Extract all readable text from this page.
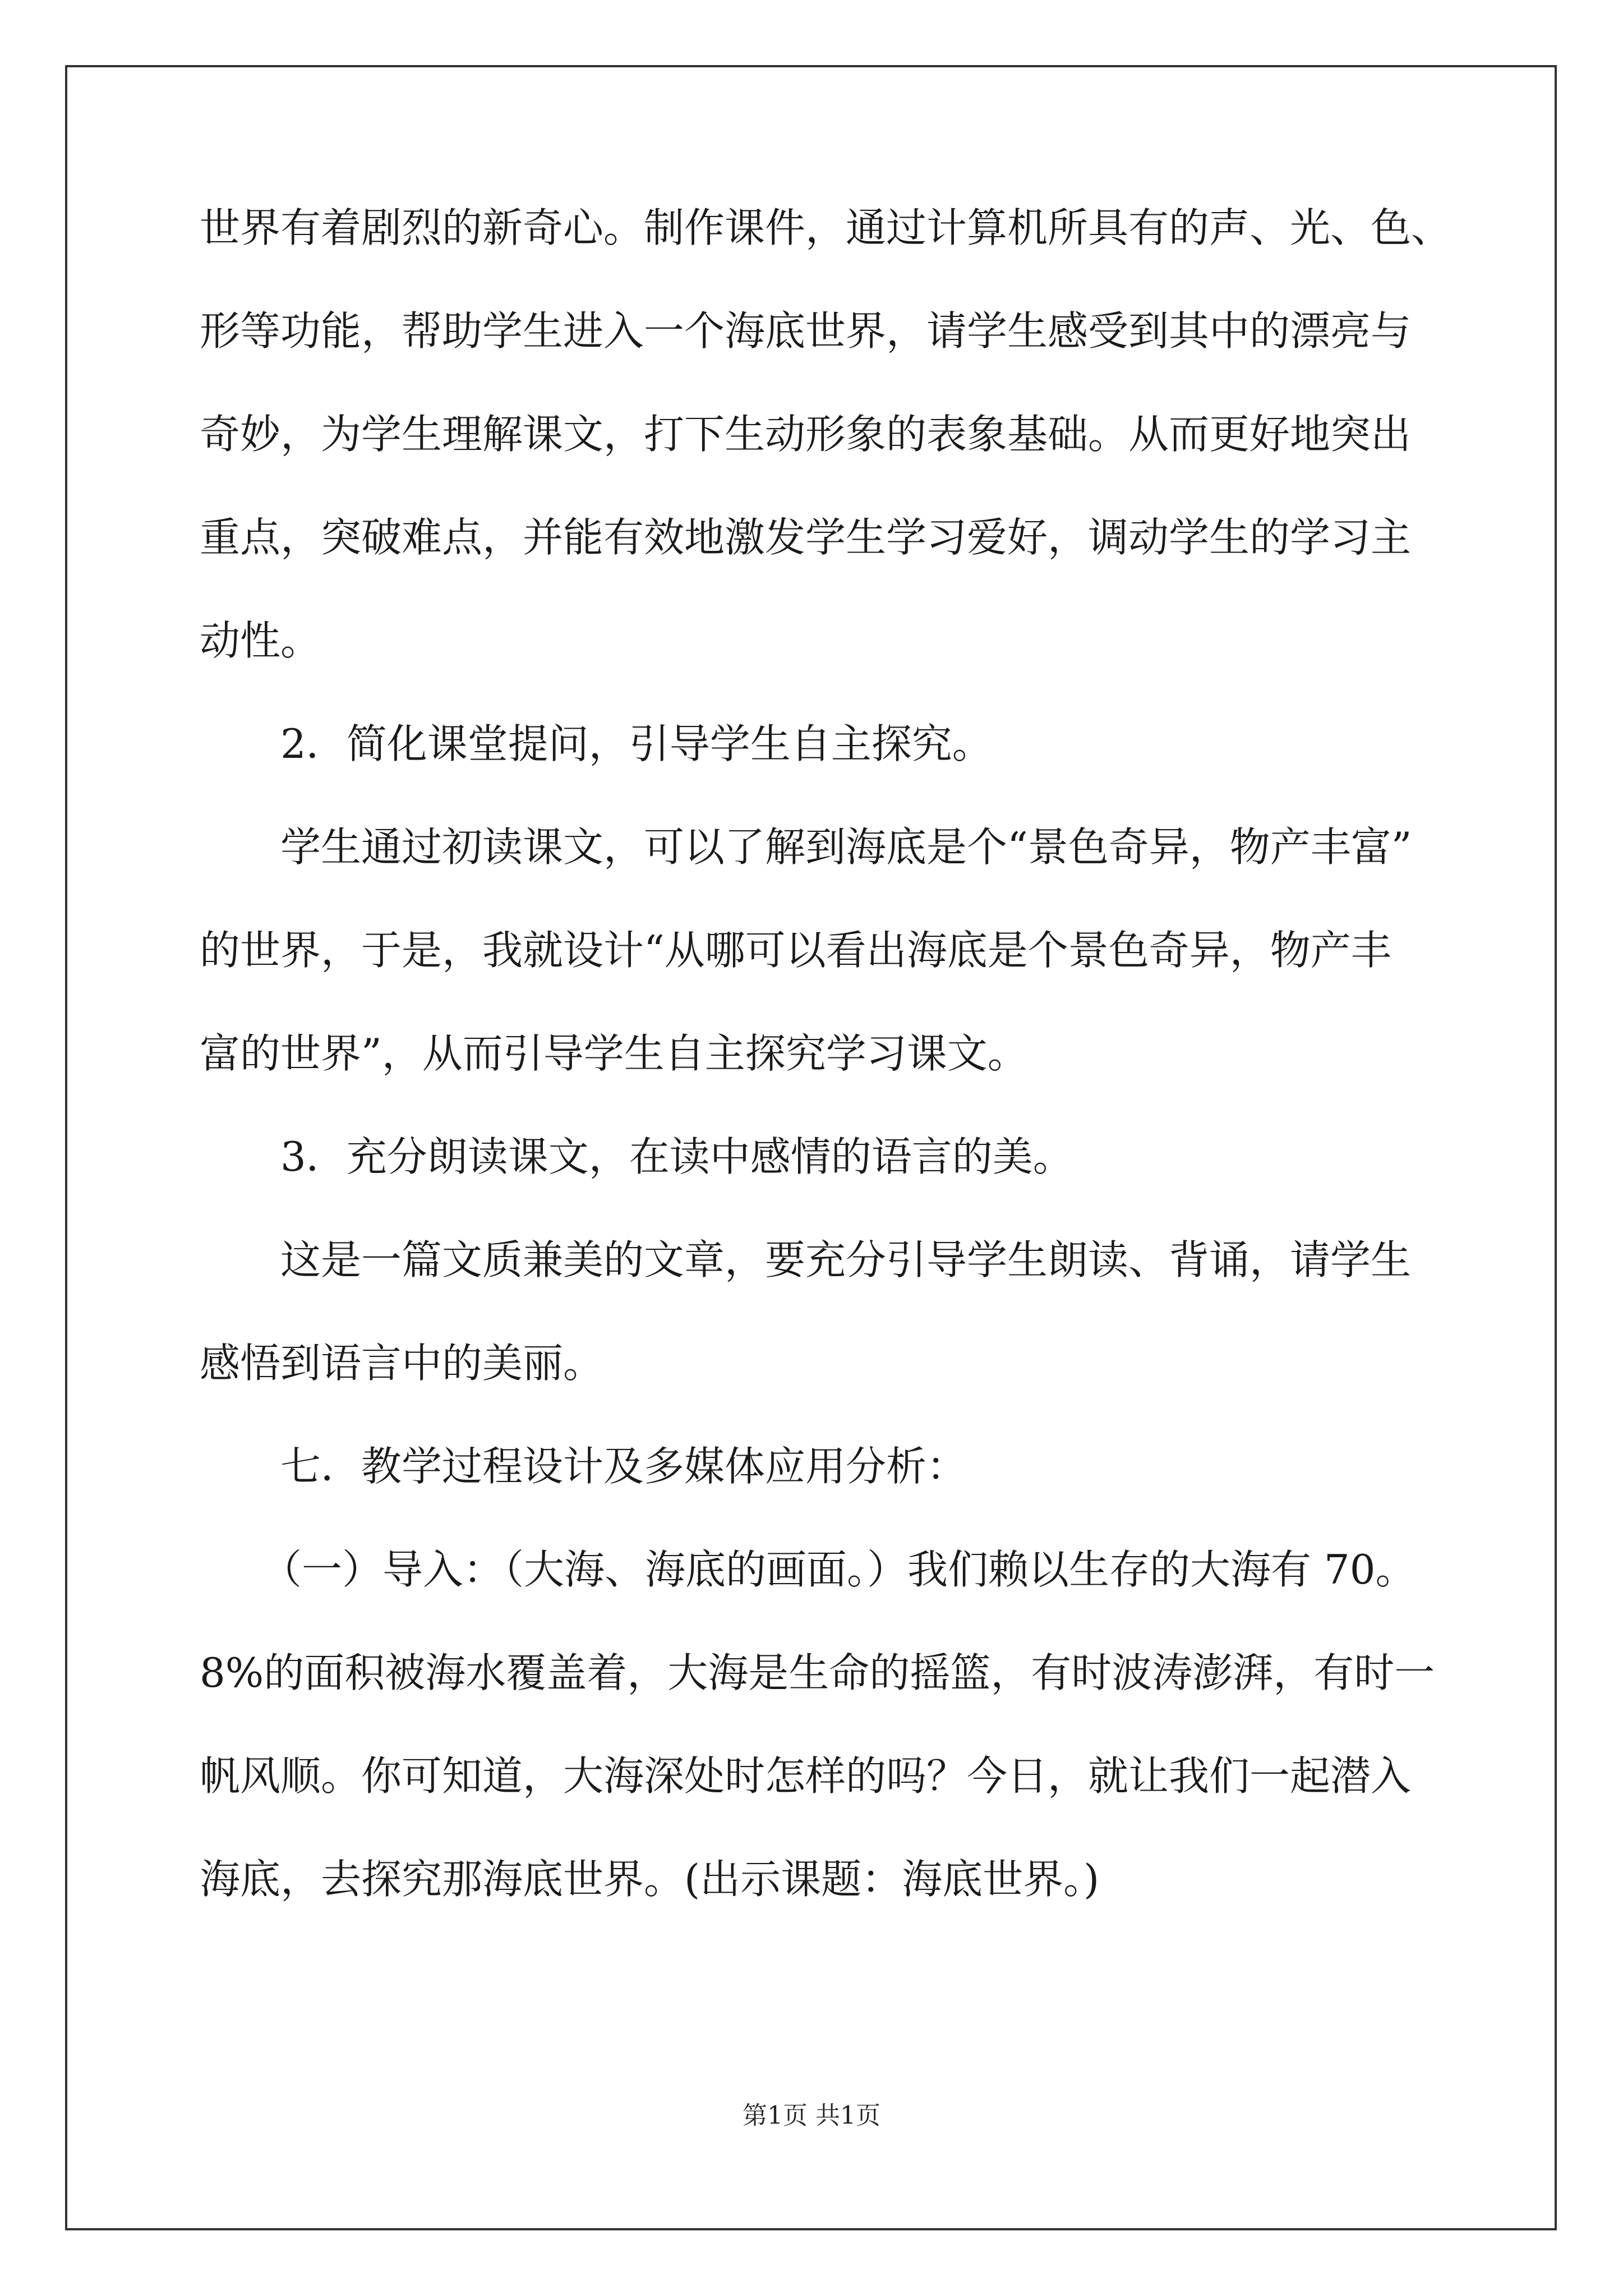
世界有着剧烈的新奇心。制作课件，通过计算机所具有的声、光、色、
形等功能，帮助学生进入一个海底世界，请学生感受到其中的漂亮与
奇妙，为学生理解课文，打下生动形象的表象基础。从而更好地突出
重点，突破难点，并能有效地激发学生学习爱好，调动学生的学习主
动性。
2．简化课堂提问，引导学生自主探究。
学生通过初读课文，可以了解到海底是个“景色奇异，物产丰富”
的世界，于是，我就设计“从哪可以看出海底是个景色奇异，物产丰
富的世界”，从而引导学生自主探究学习课文。
3．充分朗读课文，在读中感情的语言的美。
这是一篇文质兼美的文章，要充分引导学生朗读、背诵，请学生
感悟到语言中的美丽。
七．教学过程设计及多媒体应用分析：
（一）导入：（大海、海底的画面。）我们赖以生存的大海有 70。
8%的面积被海水覆盖着，大海是生命的摇篮，有时波涛澎湃，有时一
帆风顺。你可知道，大海深处时怎样的吗？今日，就让我们一起潜入
海底，去探究那海底世界。(出示课题：海底世界。)
第1页 共1页
